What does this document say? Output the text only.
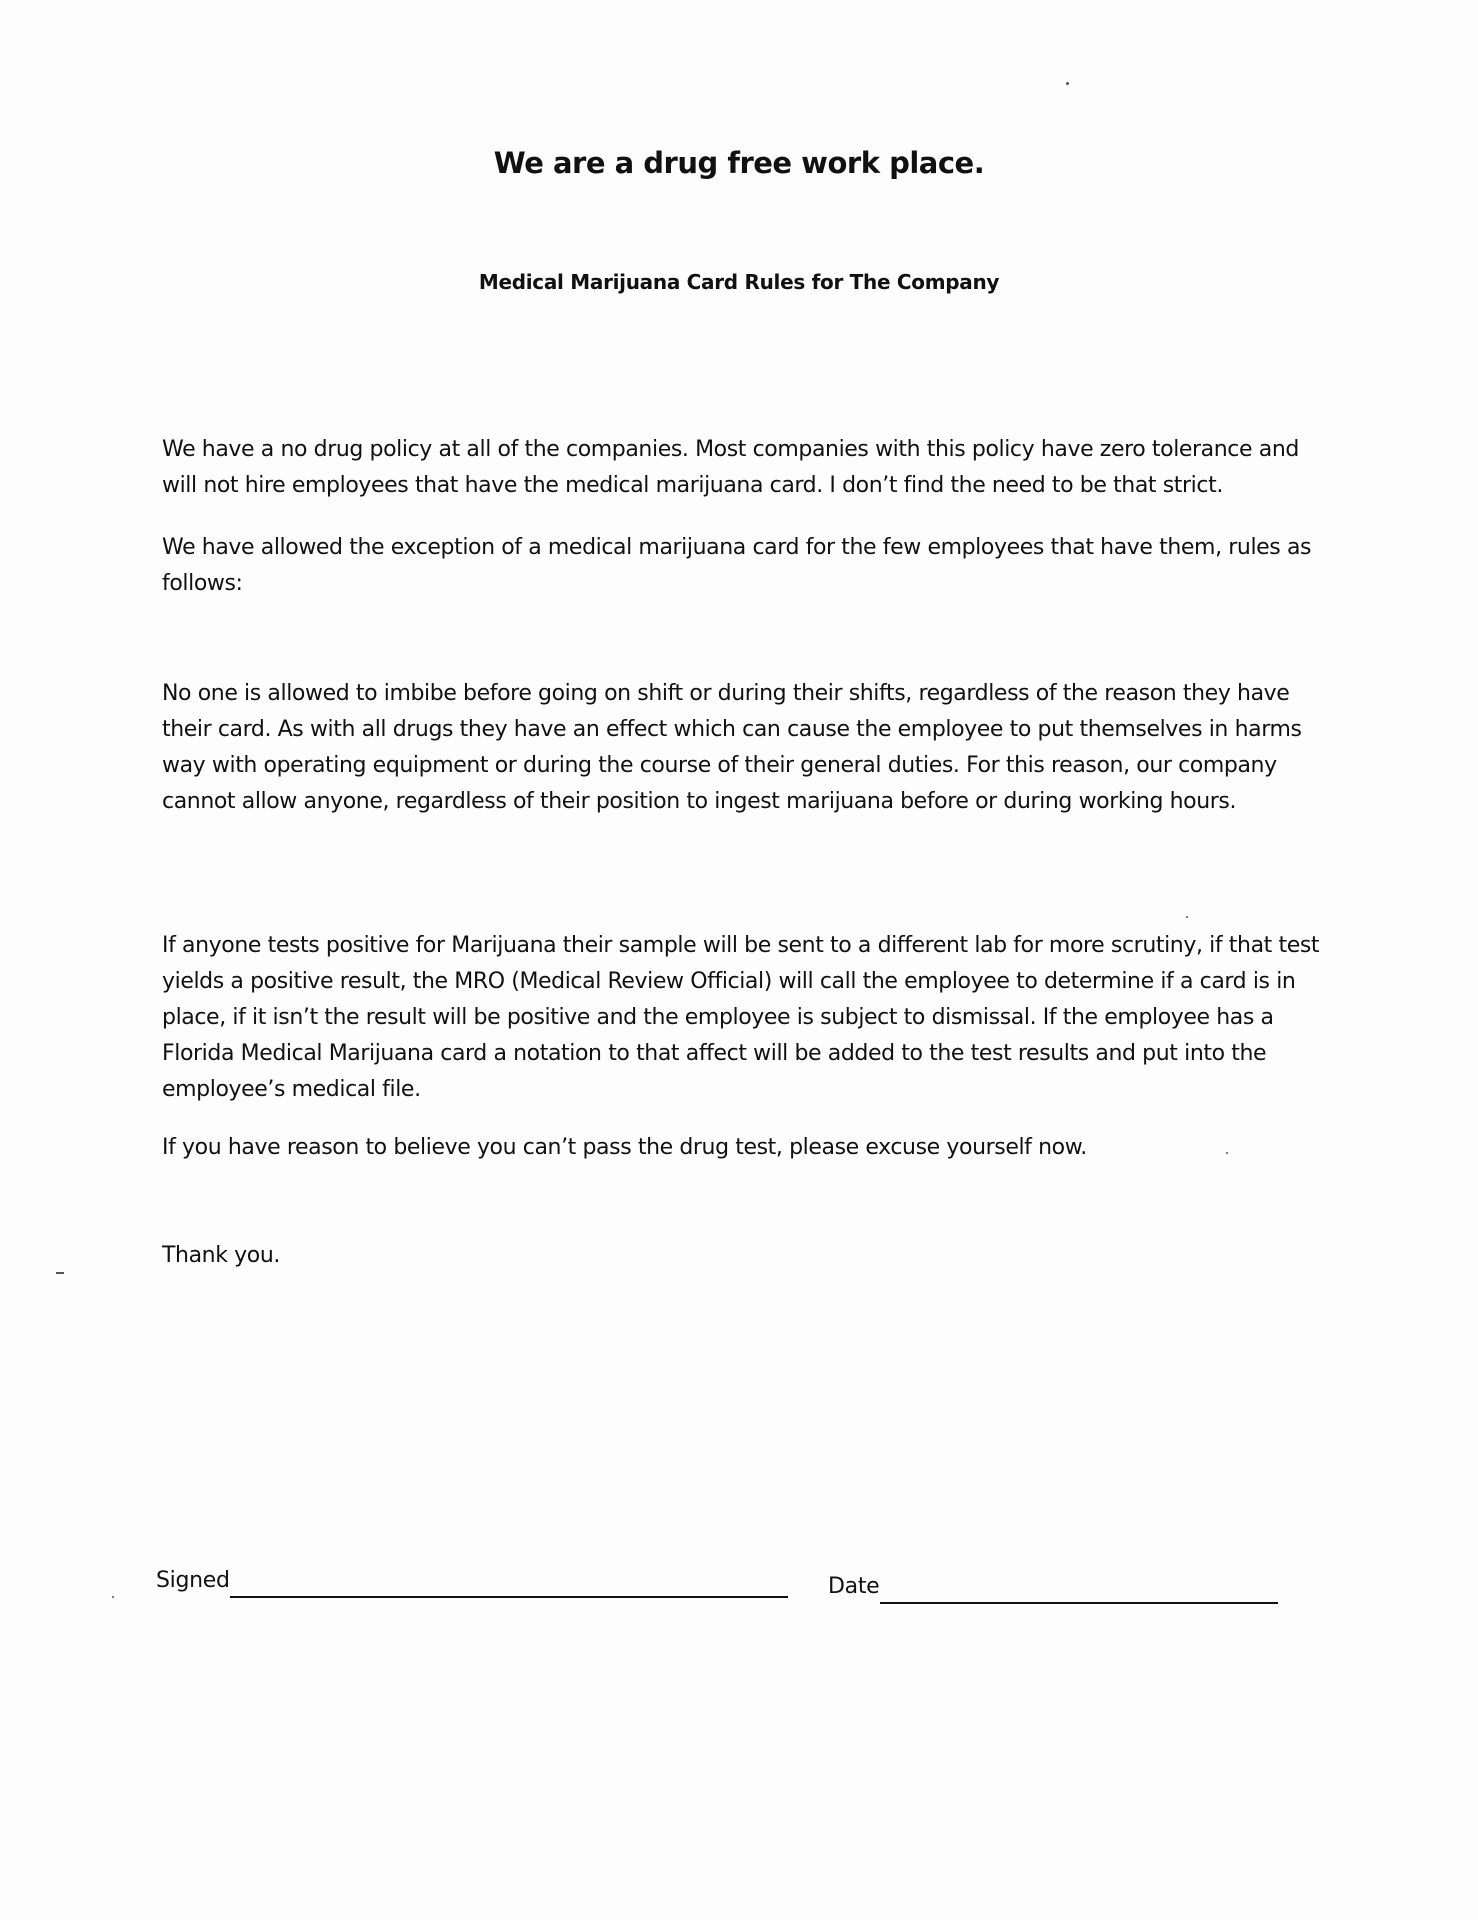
We are a drug free work place.
Medical Marijuana Card Rules for The Company

We have a no drug policy at all of the companies. Most companies with this policy have zero tolerance and will not hire employees that have the medical marijuana card. I don’t find the need to be that strict.

We have allowed the exception of a medical marijuana card for the few employees that have them, rules as follows:

No one is allowed to imbibe before going on shift or during their shifts, regardless of the reason they have their card. As with all drugs they have an effect which can cause the employee to put themselves in harms way with operating equipment or during the course of their general duties. For this reason, our company cannot allow anyone, regardless of their position to ingest marijuana before or during working hours.

If anyone tests positive for Marijuana their sample will be sent to a different lab for more scrutiny, if that test yields a positive result, the MRO (Medical Review Official) will call the employee to determine if a card is in place, if it isn’t the result will be positive and the employee is subject to dismissal. If the employee has a Florida Medical Marijuana card a notation to that affect will be added to the test results and put into the employee’s medical file.

If you have reason to believe you can’t pass the drug test, please excuse yourself now.

Thank you.

Signed	Date
